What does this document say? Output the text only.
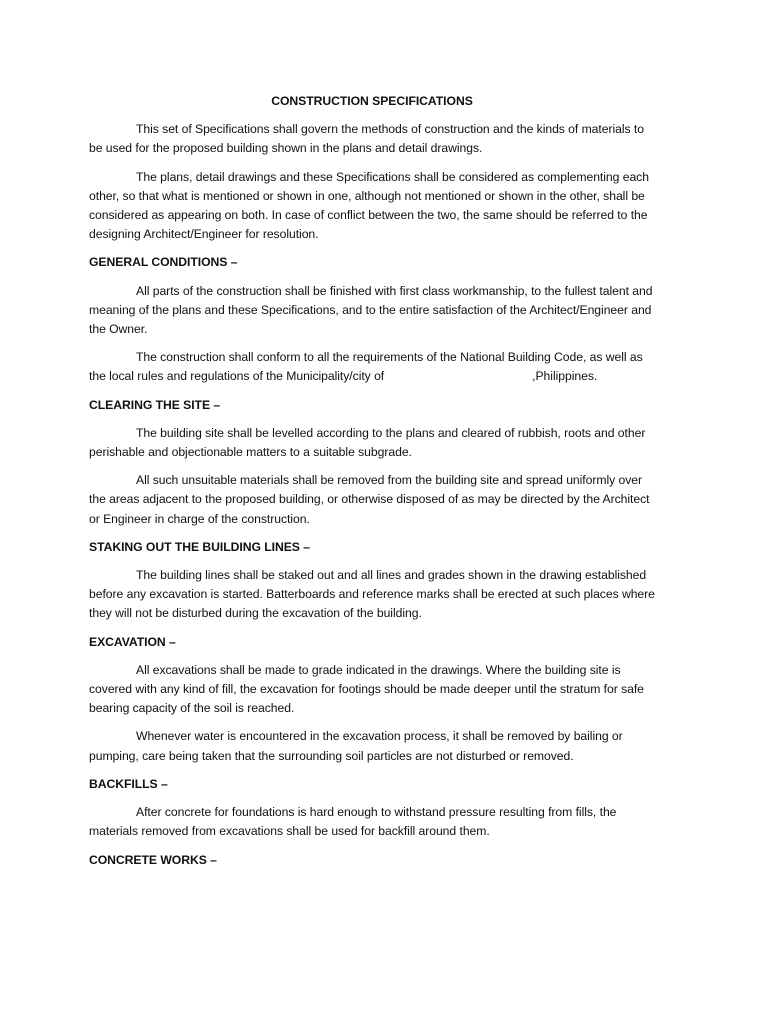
CONSTRUCTION SPECIFICATIONS

This set of Specifications shall govern the methods of construction and the kinds of materials to be used for the proposed building shown in the plans and detail drawings.

The plans, detail drawings and these Specifications shall be considered as complementing each other, so that what is mentioned or shown in one, although not mentioned or shown in the other, shall be considered as appearing on both. In case of conflict between the two, the same should be referred to the designing Architect/Engineer for resolution.

GENERAL CONDITIONS –

All parts of the construction shall be finished with first class workmanship, to the fullest talent and meaning of the plans and these Specifications, and to the entire satisfaction of the Architect/Engineer and the Owner.

The construction shall conform to all the requirements of the National Building Code, as well as the local rules and regulations of the Municipality/city of	,Philippines.

CLEARING THE SITE –

The building site shall be levelled according to the plans and cleared of rubbish, roots and other perishable and objectionable matters to a suitable subgrade.

All such unsuitable materials shall be removed from the building site and spread uniformly over the areas adjacent to the proposed building, or otherwise disposed of as may be directed by the Architect or Engineer in charge of the construction.

STAKING OUT THE BUILDING LINES –

The building lines shall be staked out and all lines and grades shown in the drawing established before any excavation is started. Batterboards and reference marks shall be erected at such places where they will not be disturbed during the excavation of the building.

EXCAVATION –

All excavations shall be made to grade indicated in the drawings. Where the building site is covered with any kind of fill, the excavation for footings should be made deeper until the stratum for safe bearing capacity of the soil is reached.

Whenever water is encountered in the excavation process, it shall be removed by bailing or pumping, care being taken that the surrounding soil particles are not disturbed or removed.

BACKFILLS –

After concrete for foundations is hard enough to withstand pressure resulting from fills, the materials removed from excavations shall be used for backfill around them.

CONCRETE WORKS –
